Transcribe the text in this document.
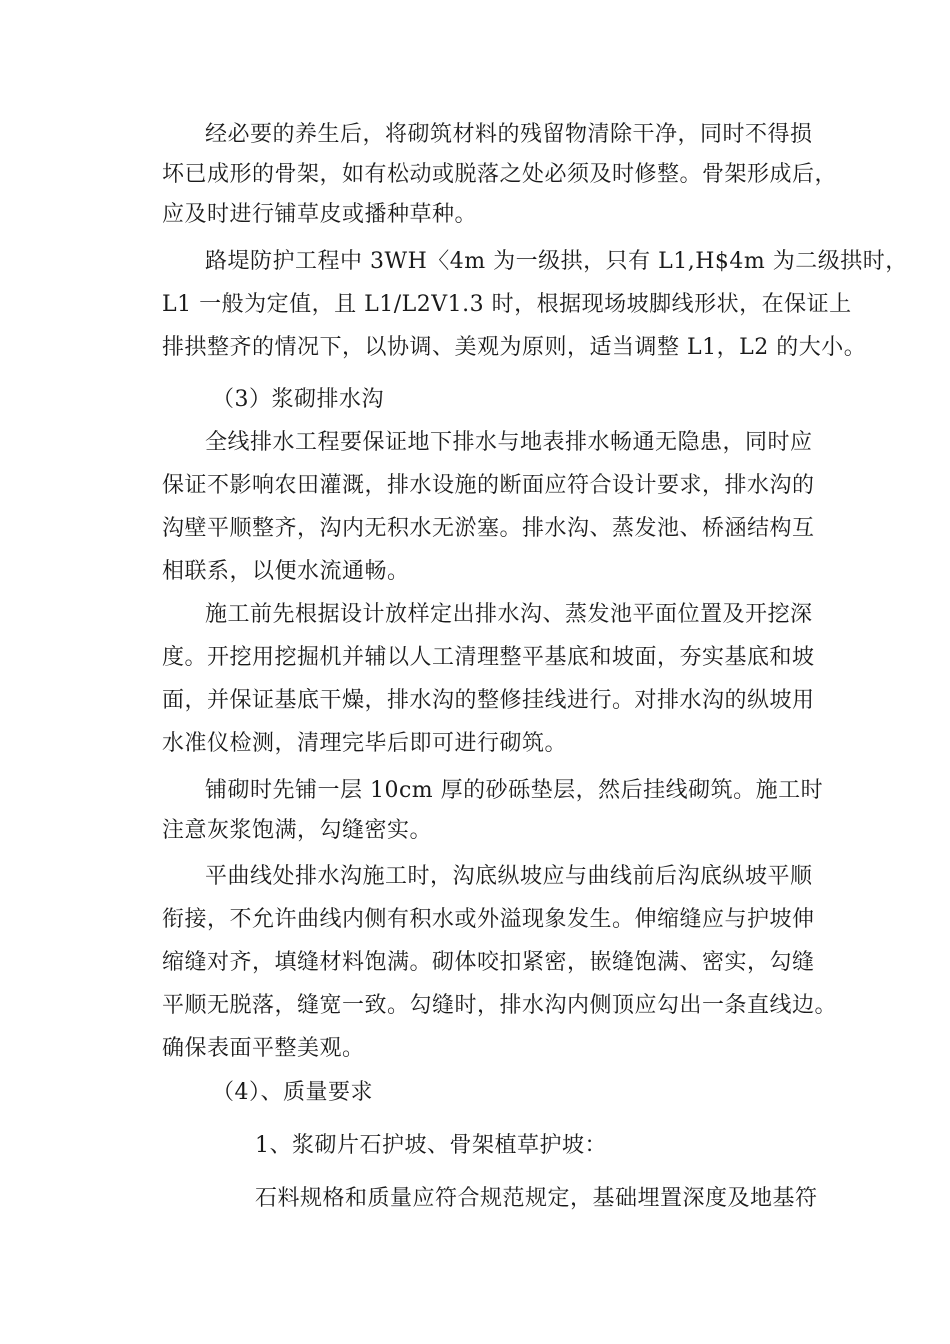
经必要的养生后，将砌筑材料的残留物清除干净，同时不得损
坏已成形的骨架，如有松动或脱落之处必须及时修整。骨架形成后，
应及时进行铺草皮或播种草种。
路堤防护工程中 3WH〈4m 为一级拱，只有 L1,H$4m 为二级拱时，
L1 一般为定值，且 L1/L2V1.3 时，根据现场坡脚线形状，在保证上
排拱整齐的情况下，以协调、美观为原则，适当调整 L1，L2 的大小。
（3）浆砌排水沟
全线排水工程要保证地下排水与地表排水畅通无隐患，同时应
保证不影响农田灌溉，排水设施的断面应符合设计要求，排水沟的
沟壁平顺整齐，沟内无积水无淤塞。排水沟、蒸发池、桥涵结构互
相联系，以便水流通畅。
施工前先根据设计放样定出排水沟、蒸发池平面位置及开挖深
度。开挖用挖掘机并辅以人工清理整平基底和坡面，夯实基底和坡
面，并保证基底干燥，排水沟的整修挂线进行。对排水沟的纵坡用
水准仪检测，清理完毕后即可进行砌筑。
铺砌时先铺一层 10cm 厚的砂砾垫层，然后挂线砌筑。施工时
注意灰浆饱满，勾缝密实。
平曲线处排水沟施工时，沟底纵坡应与曲线前后沟底纵坡平顺
衔接，不允许曲线内侧有积水或外溢现象发生。伸缩缝应与护坡伸
缩缝对齐，填缝材料饱满。砌体咬扣紧密，嵌缝饱满、密实，勾缝
平顺无脱落，缝宽一致。勾缝时，排水沟内侧顶应勾出一条直线边。
确保表面平整美观。
（4）、质量要求
1、浆砌片石护坡、骨架植草护坡：
石料规格和质量应符合规范规定，基础埋置深度及地基符
